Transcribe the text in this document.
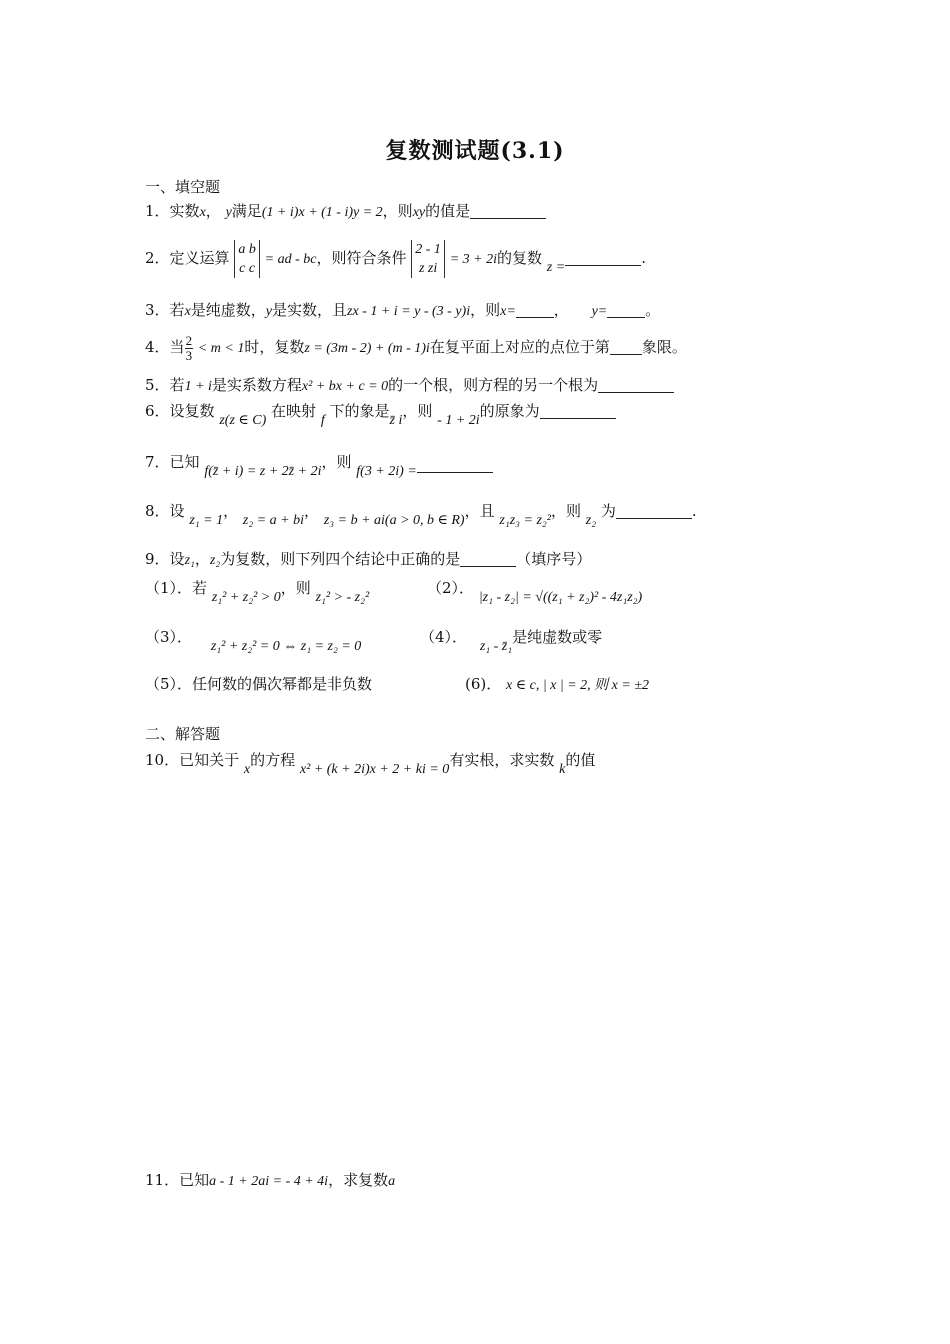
复数测试题(3.1)
一、填空题
1．实数x， y满足(1 + i)x + (1 - i)y = 2，则xy的值是
2．定义运算 a b
c c
= ad - bc，则符合条件 2 - 1
z zi
= 3 + 2i的复数 z =.
3．若x是纯虚数，y是实数，且zx - 1 + i = y - (3 - y)i，则x=	， y=	。
4．当 $\frac{2}{3} < m < 1$时，复数z = (3m - 2) + (m - 1)i在复平面上对应的点位于第 象限。
5．若1 + i是实系数方程x² + bx + c = 0的一个根，则方程的另一个根为
6．设复数 z(z ∈ C) 在映射 f 下的象是z̄ i，则 - 1 + 2i的原象为
7．已知 f(z̄ + i) = z + 2z̄ + 2i，则 f(3 + 2i) =
8．设 z₁ = 1， z₂ = a + bi， z₃ = b + ai(a > 0, b ∈ R)，且 z₁z₃ = z₂²，则 z₂ 为	.
9．设z₁，z₂为复数，则下列四个结论中正确的是	（填序号）
（1）．若 z₁² + z₂² > 0，则 z₁² > - z₂²
（2）． |z₁ - z₂| = √((z₁ + z₂)² - 4z₁z₂)
（3）． z₁² + z₂² = 0 ⇔ z₁ = z₂ = 0
（4）． z₁ - z̄₁是纯虚数或零
（5）．任何数的偶次幂都是非负数	(6)． x ∈ c, | x | = 2, 则 x = ±2
二、解答题
10．已知关于 x的方程 x² + (k + 2i)x + 2 + ki = 0有实根，求实数 k的值
11．已知a - 1 + 2ai = - 4 + 4i，求复数a
